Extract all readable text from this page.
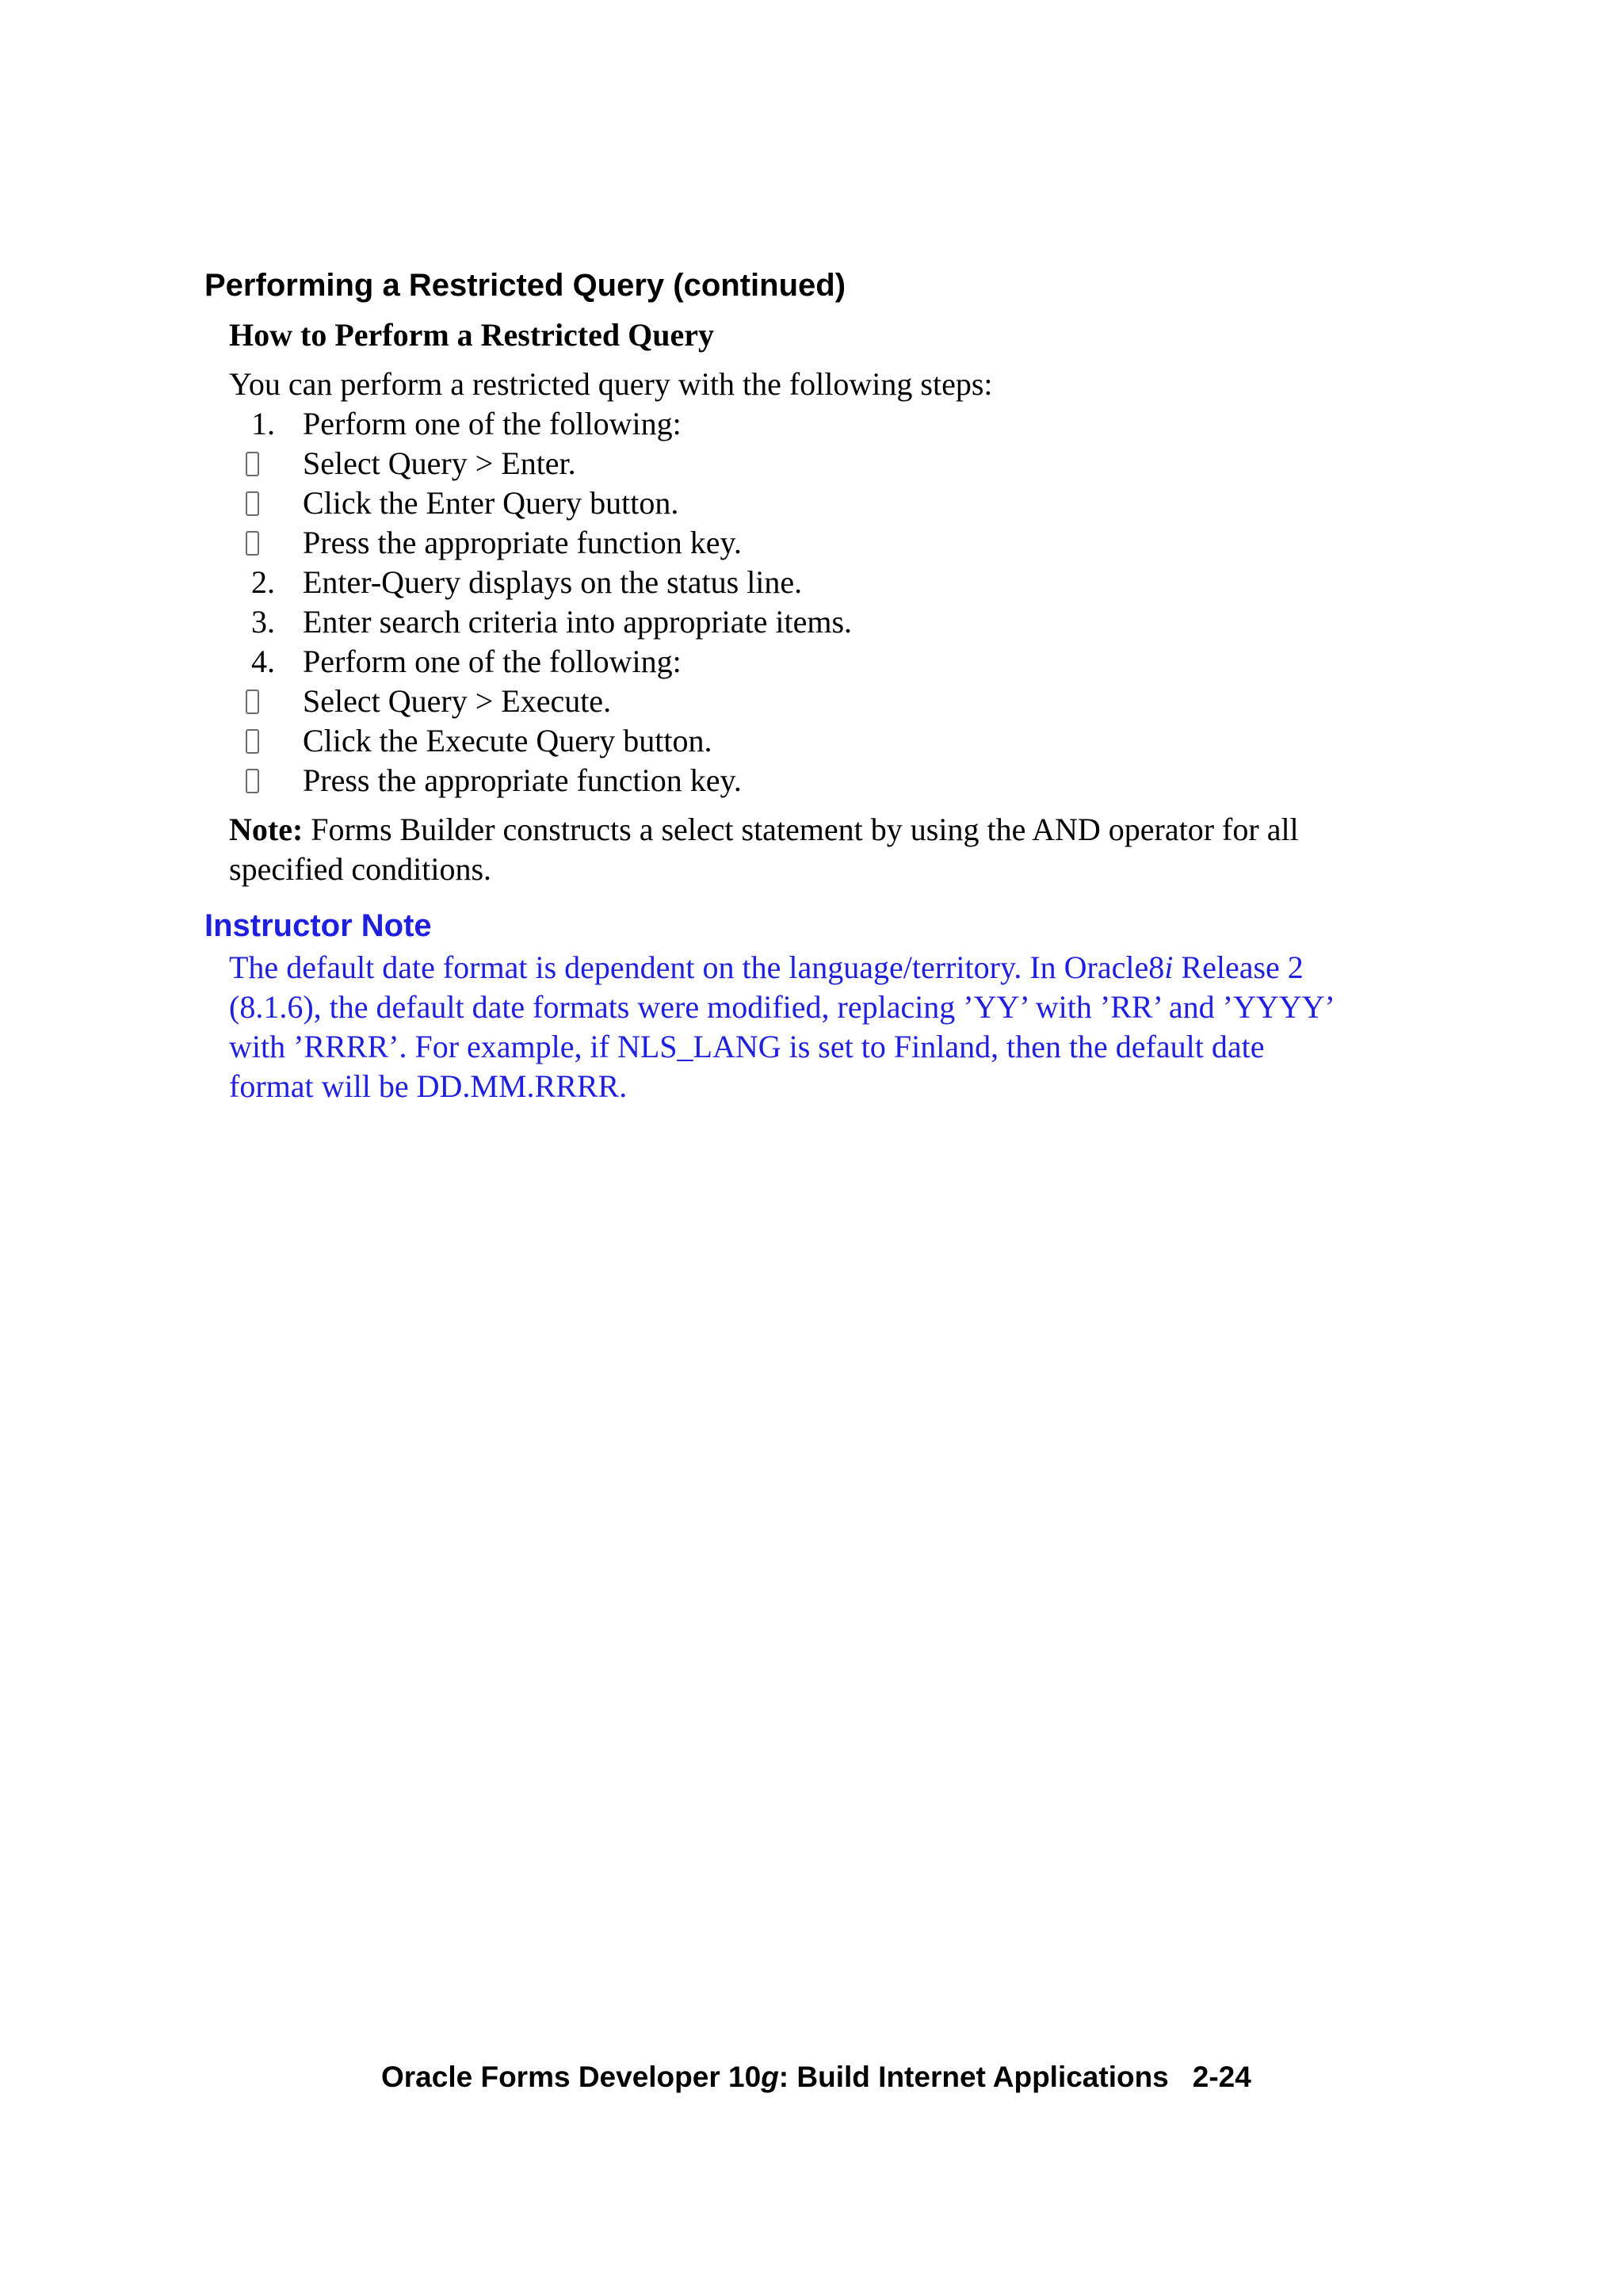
Performing a Restricted Query (continued)
How to Perform a Restricted Query

You can perform a restricted query with the following steps:

1. Perform one of the following:
Select Query > Enter.
Click the Enter Query button.
Press the appropriate function key.
2. Enter-Query displays on the status line.
3. Enter search criteria into appropriate items.
4. Perform one of the following:
Select Query > Execute.
Click the Execute Query button.
Press the appropriate function key.

Note: Forms Builder constructs a select statement by using the AND operator for all
specified conditions.

Instructor Note

The default date format is dependent on the language/territory. In Oracle8i Release 2

(8.1.6), the default date formats were modified, replacing ’YY’ with ’RR’ and ’YYYY’

with ’RRRR’. For example, if NLS_LANG is set to Finland, then the default date

format will be DD.MM.RRRR.

Oracle Forms Developer 10g: Build Internet Applications 2-24
